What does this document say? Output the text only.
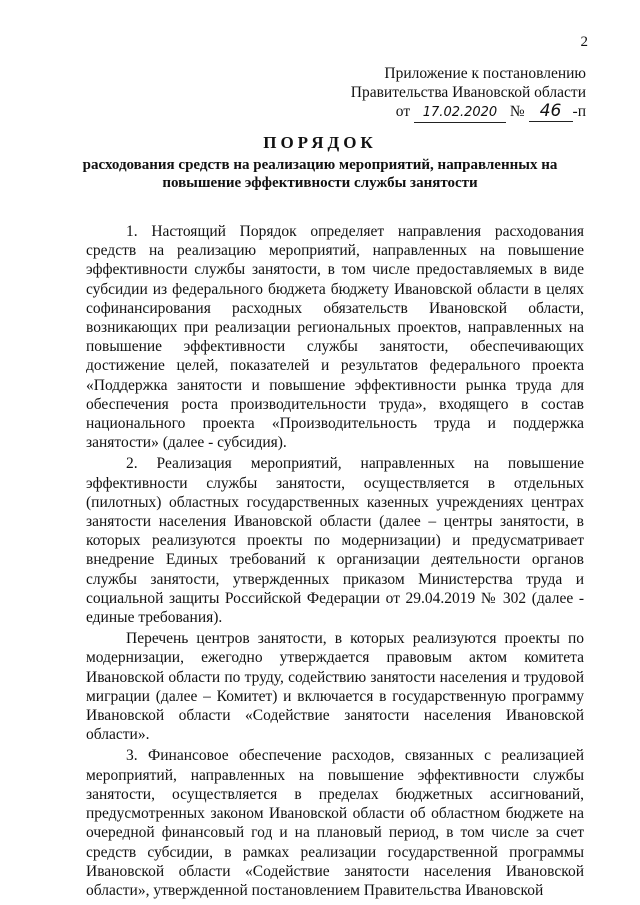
2
Приложение к постановлению
Правительства Ивановской области
от 17.02.2020 № 46 -п
ПОРЯДОК
расходования средств на реализацию мероприятий, направленных на повышение эффективности службы занятости

1. Настоящий Порядок определяет направления расходования средств на реализацию мероприятий, направленных на повышение эффективности службы занятости, в том числе предоставляемых в виде субсидии из федерального бюджета бюджету Ивановской области в целях софинансирования расходных обязательств Ивановской области, возникающих при реализации региональных проектов, направленных на повышение эффективности службы занятости, обеспечивающих достижение целей, показателей и результатов федерального проекта «Поддержка занятости и повышение эффективности рынка труда для обеспечения роста производительности труда», входящего в состав национального проекта «Производительность труда и поддержка занятости» (далее - субсидия).

2. Реализация мероприятий, направленных на повышение эффективности службы занятости, осуществляется в отдельных (пилотных) областных государственных казенных учреждениях центрах занятости населения Ивановской области (далее – центры занятости, в которых реализуются проекты по модернизации) и предусматривает внедрение Единых требований к организации деятельности органов службы занятости, утвержденных приказом Министерства труда и социальной защиты Российской Федерации от 29.04.2019 № 302 (далее - единые требования).

Перечень центров занятости, в которых реализуются проекты по модернизации, ежегодно утверждается правовым актом комитета Ивановской области по труду, содействию занятости населения и трудовой миграции (далее – Комитет) и включается в государственную программу Ивановской области «Содействие занятости населения Ивановской области».

3. Финансовое обеспечение расходов, связанных с реализацией мероприятий, направленных на повышение эффективности службы занятости, осуществляется в пределах бюджетных ассигнований, предусмотренных законом Ивановской области об областном бюджете на очередной финансовый год и на плановый период, в том числе за счет средств субсидии, в рамках реализации государственной программы Ивановской области «Содействие занятости населения Ивановской области», утвержденной постановлением Правительства Ивановской
